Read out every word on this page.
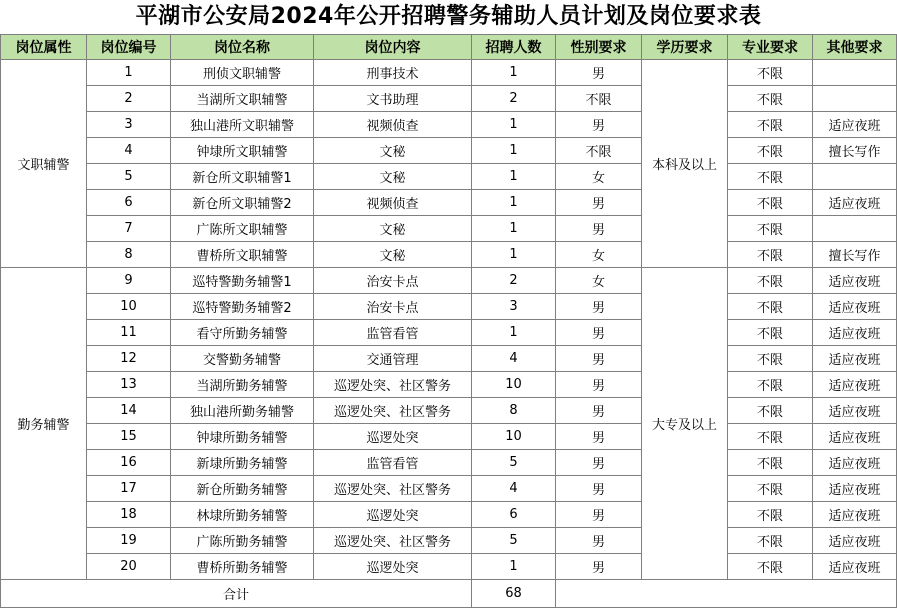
平湖市公安局2024年公开招聘警务辅助人员计划及岗位要求表
岗位属性	岗位编号	岗位名称	岗位内容	招聘人数	性别要求	学历要求	专业要求	其他要求
文职辅警	1	刑侦文职辅警	刑事技术	1	男	本科及以上	不限	
	2	当湖所文职辅警	文书助理	2	不限		不限	
	3	独山港所文职辅警	视频侦查	1	男		不限	适应夜班
	4	钟埭所文职辅警	文秘	1	不限		不限	擅长写作
	5	新仓所文职辅警1	文秘	1	女		不限	
	6	新仓所文职辅警2	视频侦查	1	男		不限	适应夜班
	7	广陈所文职辅警	文秘	1	男		不限	
	8	曹桥所文职辅警	文秘	1	女		不限	擅长写作
勤务辅警	9	巡特警勤务辅警1	治安卡点	2	女	大专及以上	不限	适应夜班
	10	巡特警勤务辅警2	治安卡点	3	男		不限	适应夜班
	11	看守所勤务辅警	监管看管	1	男		不限	适应夜班
	12	交警勤务辅警	交通管理	4	男		不限	适应夜班
	13	当湖所勤务辅警	巡逻处突、社区警务	10	男		不限	适应夜班
	14	独山港所勤务辅警	巡逻处突、社区警务	8	男		不限	适应夜班
	15	钟埭所勤务辅警	巡逻处突	10	男		不限	适应夜班
	16	新埭所勤务辅警	监管看管	5	男		不限	适应夜班
	17	新仓所勤务辅警	巡逻处突、社区警务	4	男		不限	适应夜班
	18	林埭所勤务辅警	巡逻处突	6	男		不限	适应夜班
	19	广陈所勤务辅警	巡逻处突、社区警务	5	男		不限	适应夜班
	20	曹桥所勤务辅警	巡逻处突	1	男		不限	适应夜班
合计				68				
